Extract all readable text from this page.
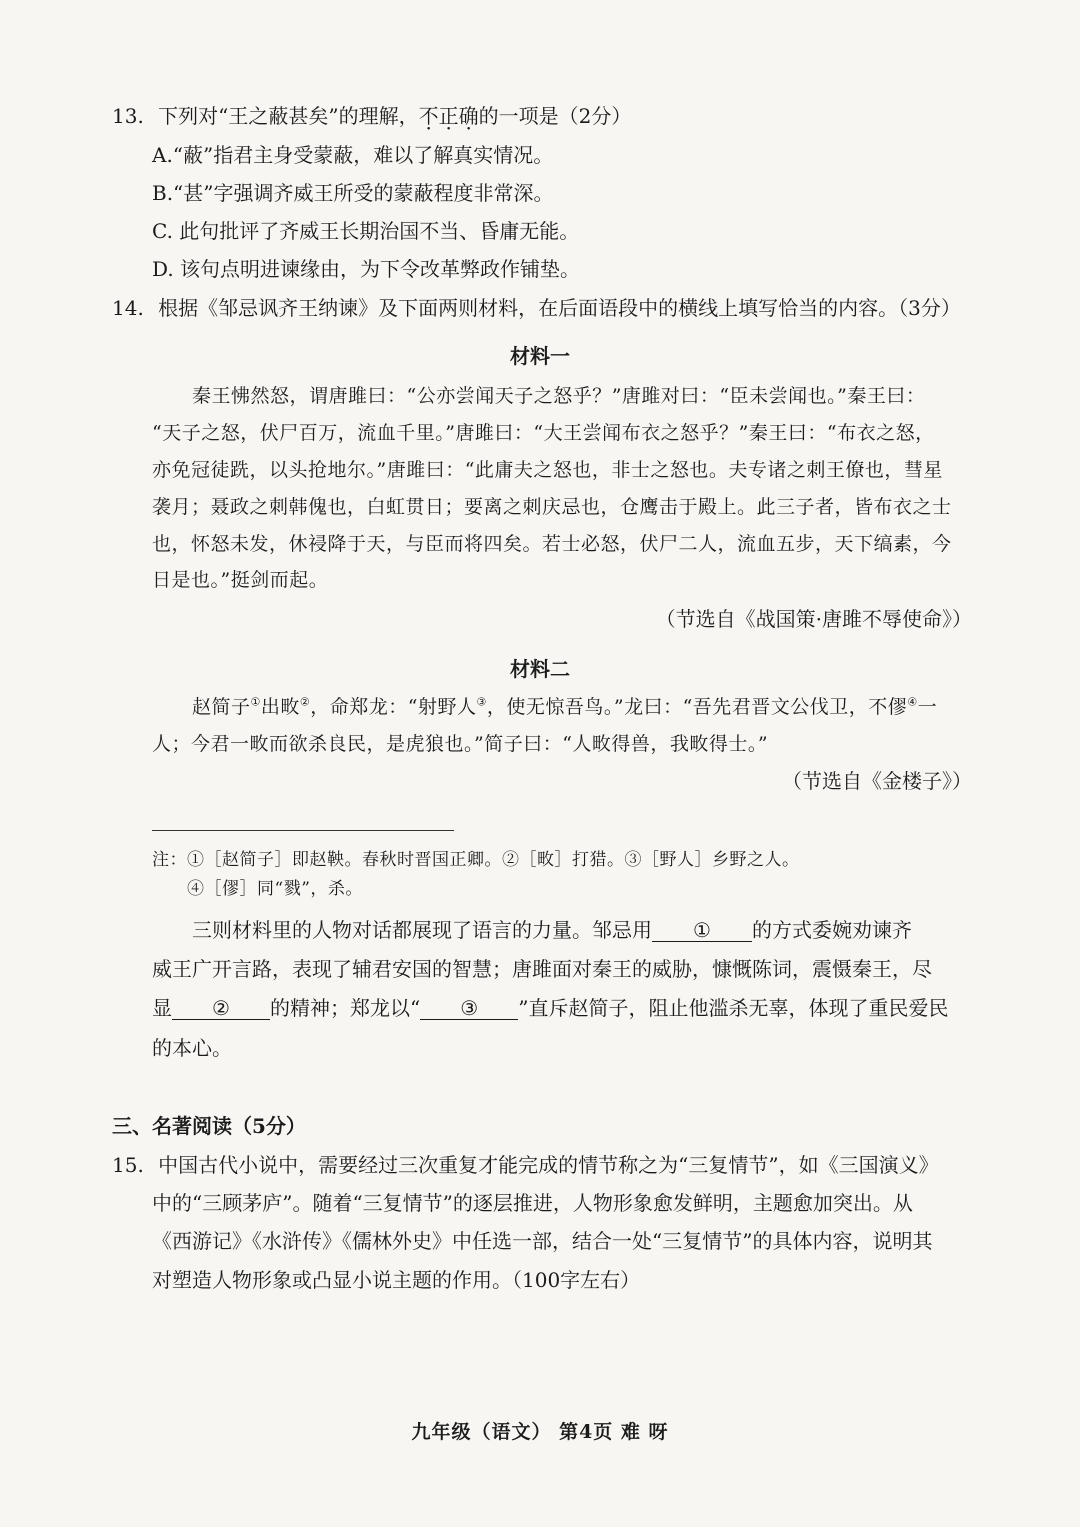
13. 下列对“王之蔽甚矣”的理解，不正确的一项是（2分）
A.“蔽”指君主身受蒙蔽，难以了解真实情况。
B.“甚”字强调齐威王所受的蒙蔽程度非常深。
C. 此句批评了齐威王长期治国不当、昏庸无能。
D. 该句点明进谏缘由，为下令改革弊政作铺垫。
14. 根据《邹忌讽齐王纳谏》及下面两则材料，在后面语段中的横线上填写恰当的内容。（3分）
材料一
秦王怫然怒，谓唐雎曰：“公亦尝闻天子之怒乎？”唐雎对曰：“臣未尝闻也。”秦王曰：
“天子之怒，伏尸百万，流血千里。”唐雎曰：“大王尝闻布衣之怒乎？”秦王曰：“布衣之怒，
亦免冠徒跣，以头抢地尔。”唐雎曰：“此庸夫之怒也，非士之怒也。夫专诸之刺王僚也，彗星
袭月；聂政之刺韩傀也，白虹贯日；要离之刺庆忌也，仓鹰击于殿上。此三子者，皆布衣之士
也，怀怒未发，休祲降于天，与臣而将四矣。若士必怒，伏尸二人，流血五步，天下缟素，今
日是也。”挺剑而起。
（节选自《战国策·唐雎不辱使命》）
材料二
赵简子①出畋②，命郑龙：“射野人③，使无惊吾鸟。”龙曰：“吾先君晋文公伐卫，不僇④一
人；今君一畋而欲杀良民，是虎狼也。”简子曰：“人畋得兽，我畋得士。”
（节选自《金楼子》）
注：①［赵简子］即赵鞅。春秋时晋国正卿。②［畋］打猎。③［野人］乡野之人。
④［僇］同“戮”，杀。
三则材料里的人物对话都展现了语言的力量。邹忌用 ① 的方式委婉劝谏齐
威王广开言路，表现了辅君安国的智慧；唐雎面对秦王的威胁，慷慨陈词，震慑秦王，尽
显 ② 的精神；郑龙以“ ③ ”直斥赵简子，阻止他滥杀无辜，体现了重民爱民
的本心。
三、名著阅读（5分）
15. 中国古代小说中，需要经过三次重复才能完成的情节称之为“三复情节”，如《三国演义》
中的“三顾茅庐”。随着“三复情节”的逐层推进，人物形象愈发鲜明，主题愈加突出。从
《西游记》《水浒传》《儒林外史》中任选一部，结合一处“三复情节”的具体内容，说明其
对塑造人物形象或凸显小说主题的作用。（100字左右）
九年级（语文） 第4页 难 呀
